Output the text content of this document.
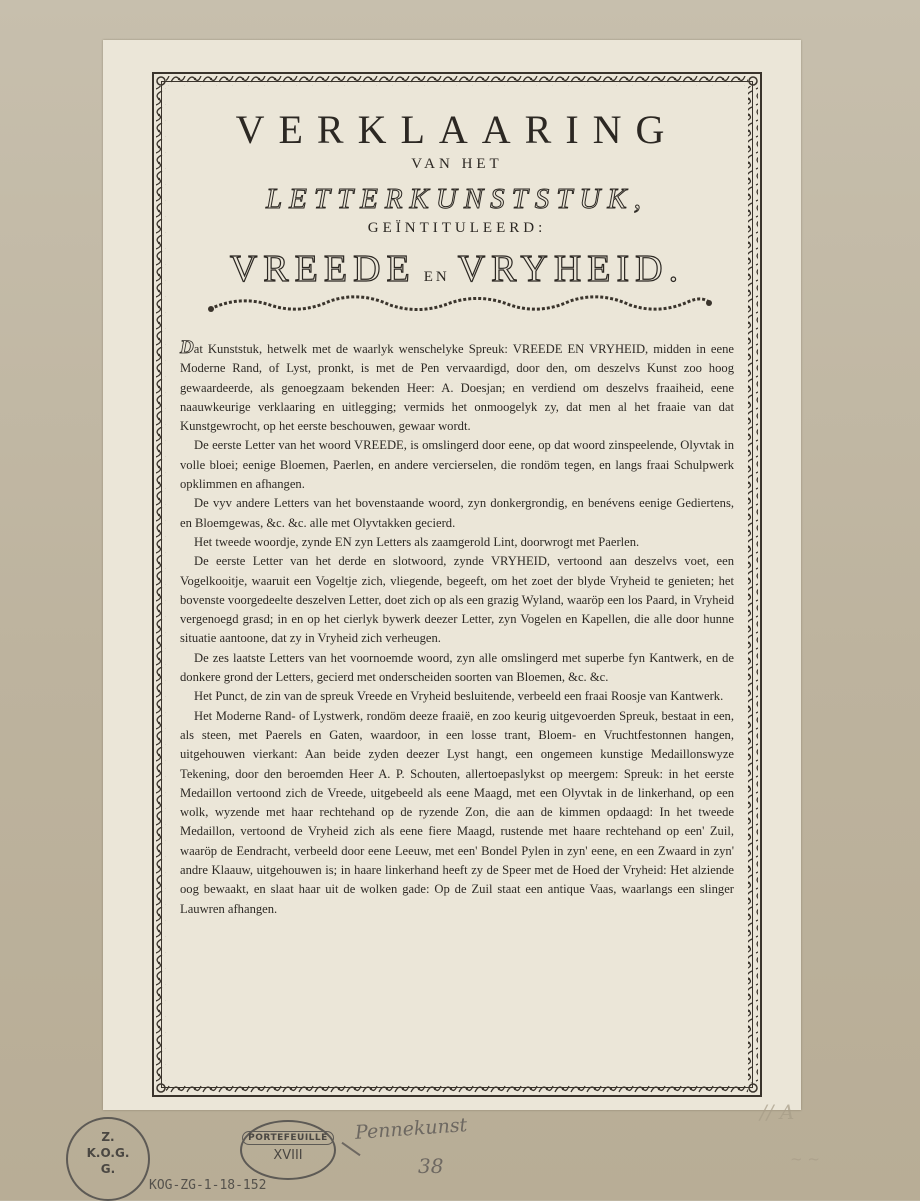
VERKLAARING
VAN HET
LETTERKUNSTSTUK,
GEÏNTITULEERD:
VREEDE EN VRYHEID.

Dat Kunststuk, hetwelk met de waarlyk wenschelyke Spreuk: VREEDE EN VRYHEID, midden in eene Moderne Rand, of Lyst, pronkt, is met de Pen vervaardigd, door den, om deszelvs Kunst zoo hoog gewaardeerde, als genoegzaam bekenden Heer: A. Doesjan; en verdiend om deszelvs fraaiheid, eene naauwkeurige verklaaring en uitlegging; vermids het onmoogelyk zy, dat men al het fraaie van dat Kunstgewrocht, op het eerste beschouwen, gewaar wordt.

De eerste Letter van het woord VREEDE, is omslingerd door eene, op dat woord zinspeelende, Olyvtak in volle bloei; eenige Bloemen, Paerlen, en andere vercierselen, die rondöm tegen, en langs fraai Schulpwerk opklimmen en afhangen.

De vyv andere Letters van het bovenstaande woord, zyn donkergrondig, en benévens eenige Gediertens, en Bloemgewas, &c. &c. alle met Olyvtakken gecierd.

Het tweede woordje, zynde EN zyn Letters als zaamgerold Lint, doorwrogt met Paerlen.

De eerste Letter van het derde en slotwoord, zynde VRYHEID, vertoond aan deszelvs voet, een Vogelkooitje, waaruit een Vogeltje zich, vliegende, begeeft, om het zoet der blyde Vryheid te genieten; het bovenste voorgedeelte deszelven Letter, doet zich op als een grazig Wyland, waaröp een los Paard, in Vryheid vergenoegd grasd; in en op het cierlyk bywerk deezer Letter, zyn Vogelen en Kapellen, die alle door hunne situatie aantoone, dat zy in Vryheid zich verheugen.

De zes laatste Letters van het voornoemde woord, zyn alle omslingerd met superbe fyn Kantwerk, en de donkere grond der Letters, gecierd met onderscheiden soorten van Bloemen, &c. &c.

Het Punct, de zin van de spreuk Vreede en Vryheid besluitende, verbeeld een fraai Roosje van Kantwerk.

Het Moderne Rand- of Lystwerk, rondöm deeze fraaië, en zoo keurig uitgevoerden Spreuk, bestaat in een, als steen, met Paerels en Gaten, waardoor, in een losse trant, Bloem- en Vruchtfestonnen hangen, uitgehouwen vierkant: Aan beide zyden deezer Lyst hangt, een ongemeen kunstige Medaillonswyze Tekening, door den beroemden Heer A. P. Schouten, allertoepaslykst op meergem: Spreuk: in het eerste Medaillon vertoond zich de Vreede, uitgebeeld als eene Maagd, met een Olyvtak in de linkerhand, op een wolk, wyzende met haar rechtehand op de ryzende Zon, die aan de kimmen opdaagd: In het tweede Medaillon, vertoond de Vryheid zich als eene fiere Maagd, rustende met haare rechtehand op een' Zuil, waaröp de Eendracht, verbeeld door eene Leeuw, met een' Bondel Pylen in zyn' eene, en een Zwaard in zyn' andre Klaauw, uitgehouwen is; in haare linkerhand heeft zy de Speer met de Hoed der Vryheid: Het alziende oog bewaakt, en slaat haar uit de wolken gade: Op de Zuil staat een antique Vaas, waarlangs een slinger Lauwren afhangen.

Z.
K.O.G.
G.
PORTEFEUILLE
XVIII
Pennekunst
38
KOG-ZG-1-18-152
// A
~ ~
